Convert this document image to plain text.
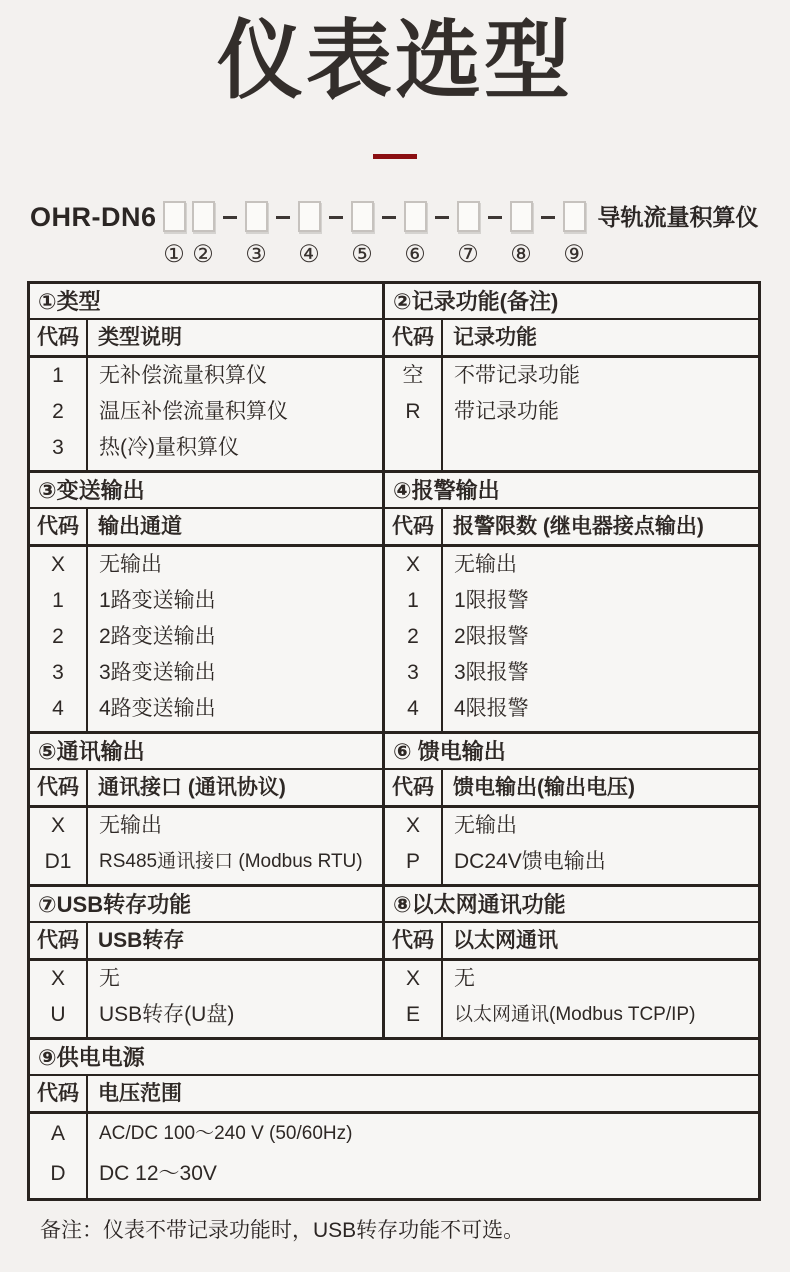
仪表选型
OHR-DN6
① ② ③ ④ ⑤ ⑥ ⑦ ⑧ ⑨
导轨流量积算仪
①类型
代码 类型说明
1
2
3
无补偿流量积算仪
温压补偿流量积算仪
热(冷)量积算仪
②记录功能(备注)
代码 记录功能
空
R
不带记录功能
带记录功能
③变送输出
代码 输出通道
X
1
2
3
4
无输出
1路变送输出
2路变送输出
3路变送输出
4路变送输出
④报警输出
代码 报警限数 (继电器接点输出)
X
1
2
3
4
无输出
1限报警
2限报警
3限报警
4限报警
⑤通讯输出
代码 通讯接口 (通讯协议)
X
D1
无输出
RS485通讯接口 (Modbus RTU)
⑥ 馈电输出
代码 馈电输出(输出电压)
X
P
无输出
DC24V馈电输出
⑦USB转存功能
代码 USB转存
X
U
无
USB转存(U盘)
⑧以太网通讯功能
代码 以太网通讯
X
E
无
以太网通讯(Modbus TCP/IP)
⑨供电电源
代码 电压范围
A
D
AC/DC 100～240 V (50/60Hz)
DC 12～30V
备注：仪表不带记录功能时，USB转存功能不可选。
